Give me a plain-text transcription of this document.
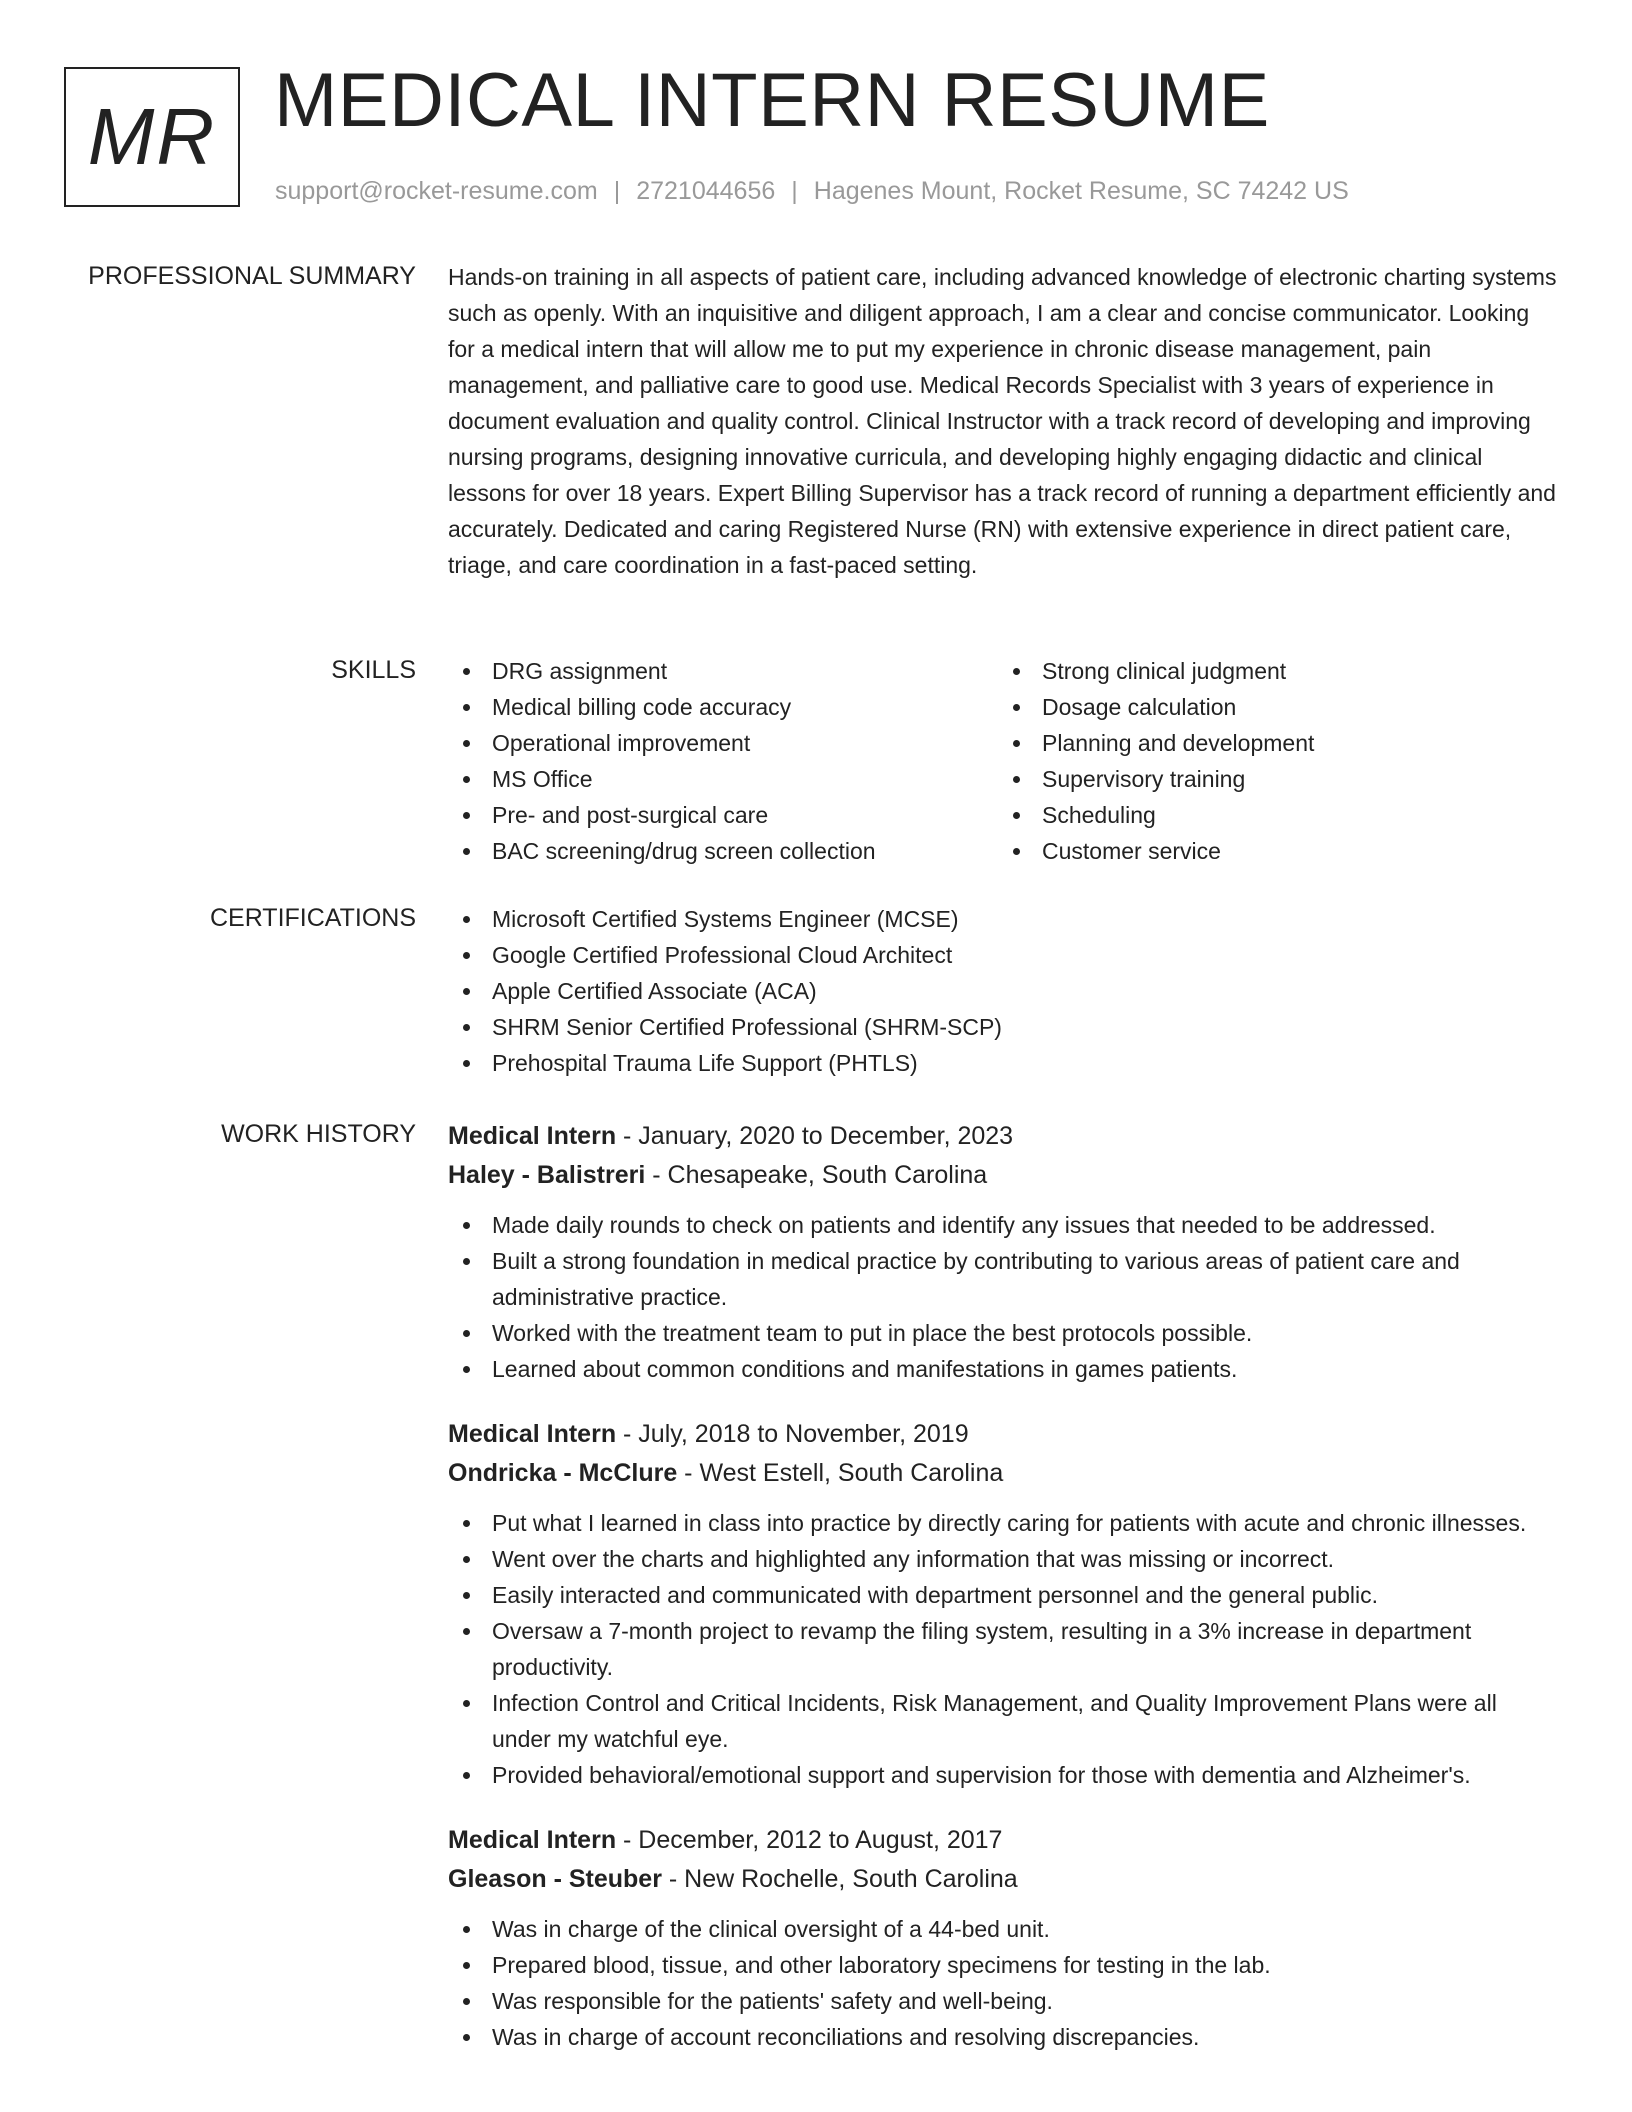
MR MEDICAL INTERN RESUME
support@rocket-resume.com | 2721044656 | Hagenes Mount, Rocket Resume, SC 74242 US
PROFESSIONAL SUMMARY Hands-on training in all aspects of patient care, including advanced knowledge of electronic charting systems such as openly. With an inquisitive and diligent approach, I am a clear and concise communicator. Looking for a medical intern that will allow me to put my experience in chronic disease management, pain management, and palliative care to good use. Medical Records Specialist with 3 years of experience in document evaluation and quality control. Clinical Instructor with a track record of developing and improving nursing programs, designing innovative curricula, and developing highly engaging didactic and clinical lessons for over 18 years. Expert Billing Supervisor has a track record of running a department efficiently and accurately. Dedicated and caring Registered Nurse (RN) with extensive experience in direct patient care, triage, and care coordination in a fast-paced setting.

SKILLS	DRG assignment
Medical billing code accuracy
Operational improvement
MS Office
Pre- and post-surgical care
BAC screening/drug screen collection
Strong clinical judgment
Dosage calculation
Planning and development
Supervisory training
Scheduling
Customer service
CERTIFICATIONS	Microsoft Certified Systems Engineer (MCSE)
Google Certified Professional Cloud Architect
Apple Certified Associate (ACA)
SHRM Senior Certified Professional (SHRM-SCP)
Prehospital Trauma Life Support (PHTLS)
WORK HISTORY Medical Intern - January, 2020 to December, 2023
Haley - Balistreri - Chesapeake, South Carolina
Made daily rounds to check on patients and identify any issues that needed to be addressed.
Built a strong foundation in medical practice by contributing to various areas of patient care and administrative practice.
Worked with the treatment team to put in place the best protocols possible.
Learned about common conditions and manifestations in games patients.
Medical Intern - July, 2018 to November, 2019
Ondricka - McClure - West Estell, South Carolina
Put what I learned in class into practice by directly caring for patients with acute and chronic illnesses.
Went over the charts and highlighted any information that was missing or incorrect.
Easily interacted and communicated with department personnel and the general public.
Oversaw a 7-month project to revamp the filing system, resulting in a 3% increase in department productivity.
Infection Control and Critical Incidents, Risk Management, and Quality Improvement Plans were all under my watchful eye.
Provided behavioral/emotional support and supervision for those with dementia and Alzheimer's.
Medical Intern - December, 2012 to August, 2017
Gleason - Steuber - New Rochelle, South Carolina
Was in charge of the clinical oversight of a 44-bed unit.
Prepared blood, tissue, and other laboratory specimens for testing in the lab.
Was responsible for the patients' safety and well-being.
Was in charge of account reconciliations and resolving discrepancies.
